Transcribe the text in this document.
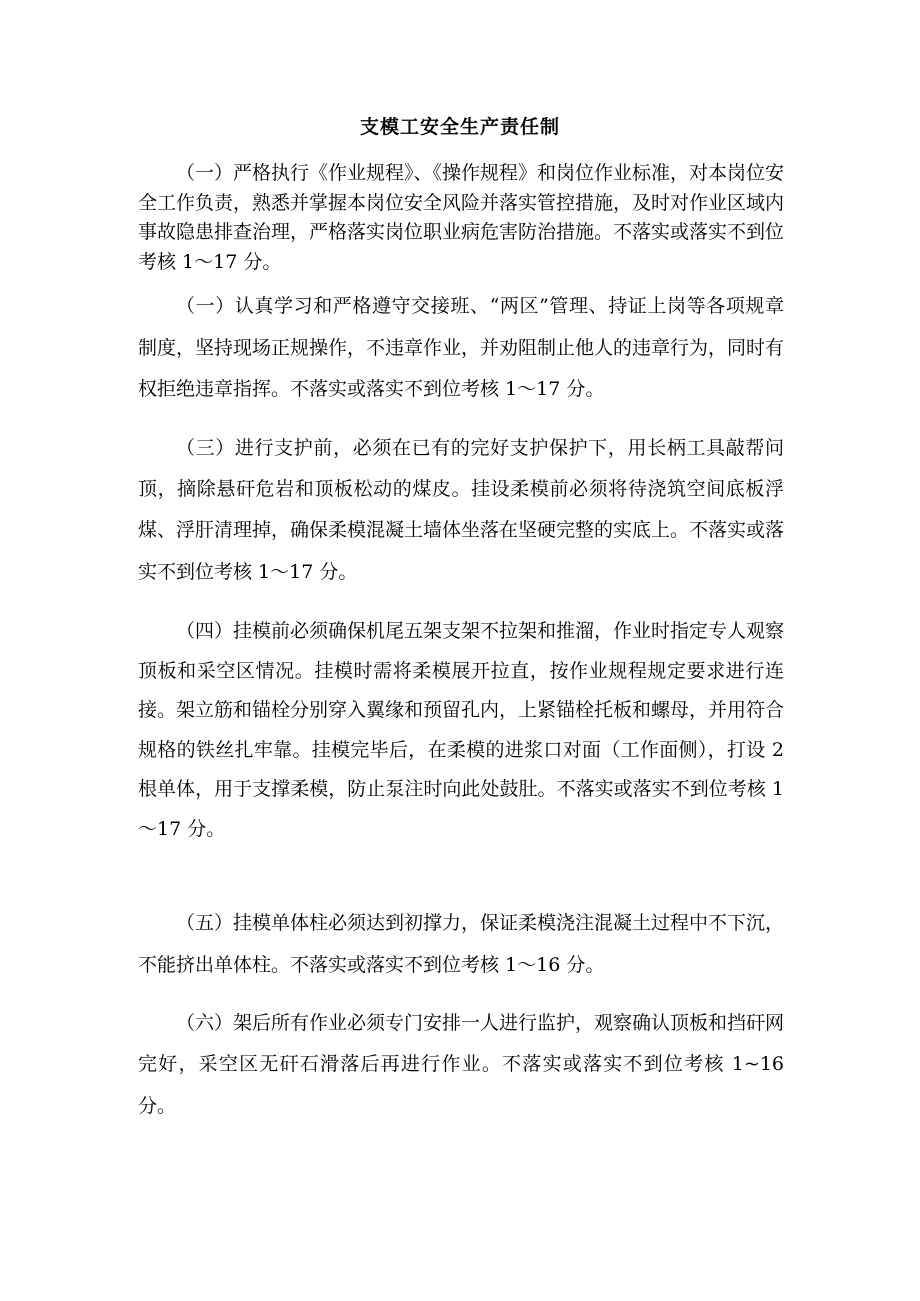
支模工安全生产责任制

（一）严格执行《作业规程》、《操作规程》和岗位作业标准，对本岗位安全工作负责，熟悉并掌握本岗位安全风险并落实管控措施，及时对作业区域内事故隐患排查治理，严格落实岗位职业病危害防治措施。不落实或落实不到位考核 1～17 分。

（一）认真学习和严格遵守交接班、“两区”管理、持证上岗等各项规章制度，坚持现场正规操作，不违章作业，并劝阻制止他人的违章行为，同时有权拒绝违章指挥。不落实或落实不到位考核 1～17 分。

（三）进行支护前，必须在已有的完好支护保护下，用长柄工具敲帮问顶，摘除悬矸危岩和顶板松动的煤皮。挂设柔模前必须将待浇筑空间底板浮煤、浮肝清理掉，确保柔模混凝土墙体坐落在坚硬完整的实底上。不落实或落实不到位考核 1～17 分。

（四）挂模前必须确保机尾五架支架不拉架和推溜，作业时指定专人观察顶板和采空区情况。挂模时需将柔模展开拉直，按作业规程规定要求进行连接。架立筋和锚栓分别穿入翼缘和预留孔内，上紧锚栓托板和螺母，并用符合规格的铁丝扎牢靠。挂模完毕后，在柔模的进浆口对面（工作面侧），打设 2 根单体，用于支撑柔模，防止泵注时向此处鼓肚。不落实或落实不到位考核 1～17 分。

（五）挂模单体柱必须达到初撑力，保证柔模浇注混凝土过程中不下沉，不能挤出单体柱。不落实或落实不到位考核 1～16 分。

（六）架后所有作业必须专门安排一人进行监护，观察确认顶板和挡矸网完好，采空区无矸石滑落后再进行作业。不落实或落实不到位考核 1~16 分。
